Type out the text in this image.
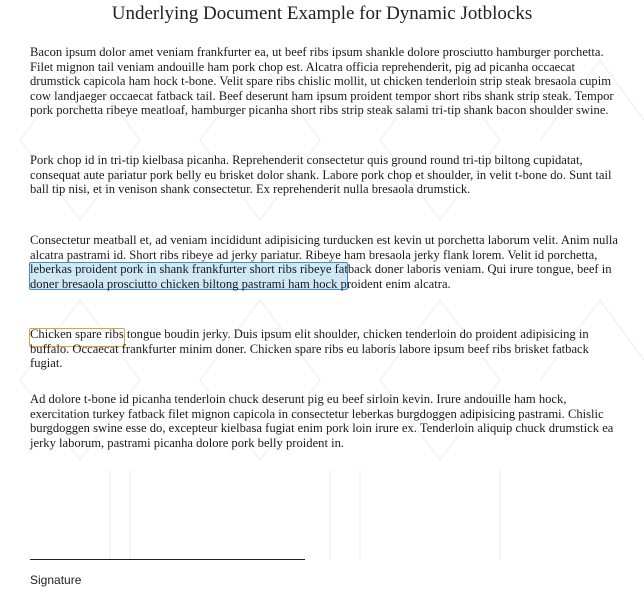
Underlying Document Example for Dynamic Jotblocks

Bacon ipsum dolor amet veniam frankfurter ea, ut beef ribs ipsum shankle dolore prosciutto hamburger porchetta. Filet mignon tail veniam andouille ham pork chop est. Alcatra officia reprehenderit, pig ad picanha occaecat drumstick capicola ham hock t-bone. Velit spare ribs chislic mollit, ut chicken tenderloin strip steak bresaola cupim cow landjaeger occaecat fatback tail. Beef deserunt ham ipsum proident tempor short ribs shank strip steak. Tempor pork porchetta ribeye meatloaf, hamburger picanha short ribs strip steak salami tri-tip shank bacon shoulder swine.

Pork chop id in tri-tip kielbasa picanha. Reprehenderit consectetur quis ground round tri-tip biltong cupidatat, consequat aute pariatur pork belly eu brisket dolor shank. Labore pork chop et shoulder, in velit t-bone do. Sunt tail ball tip nisi, et in venison shank consectetur. Ex reprehenderit nulla bresaola drumstick.

Consectetur meatball et, ad veniam incididunt adipisicing turducken est kevin ut porchetta laborum velit. Anim nulla alcatra pastrami id. Short ribs ribeye ad jerky pariatur. Ribeye ham bresaola jerky flank lorem. Velit id porchetta, leberkas proident pork in shank frankfurter short ribs ribeye fatback doner laboris veniam. Qui irure tongue, beef in doner bresaola prosciutto chicken biltong pastrami ham hock proident enim alcatra.

Chicken spare ribs tongue boudin jerky. Duis ipsum elit shoulder, chicken tenderloin do proident adipisicing in buffalo. Occaecat frankfurter minim doner. Chicken spare ribs eu laboris labore ipsum beef ribs brisket fatback fugiat.

Ad dolore t-bone id picanha tenderloin chuck deserunt pig eu beef sirloin kevin. Irure andouille ham hock, exercitation turkey fatback filet mignon capicola in consectetur leberkas burgdoggen adipisicing pastrami. Chislic burgdoggen swine esse do, excepteur kielbasa fugiat enim pork loin irure ex. Tenderloin aliquip chuck drumstick ea jerky laborum, pastrami picanha dolore pork belly proident in.

Signature
